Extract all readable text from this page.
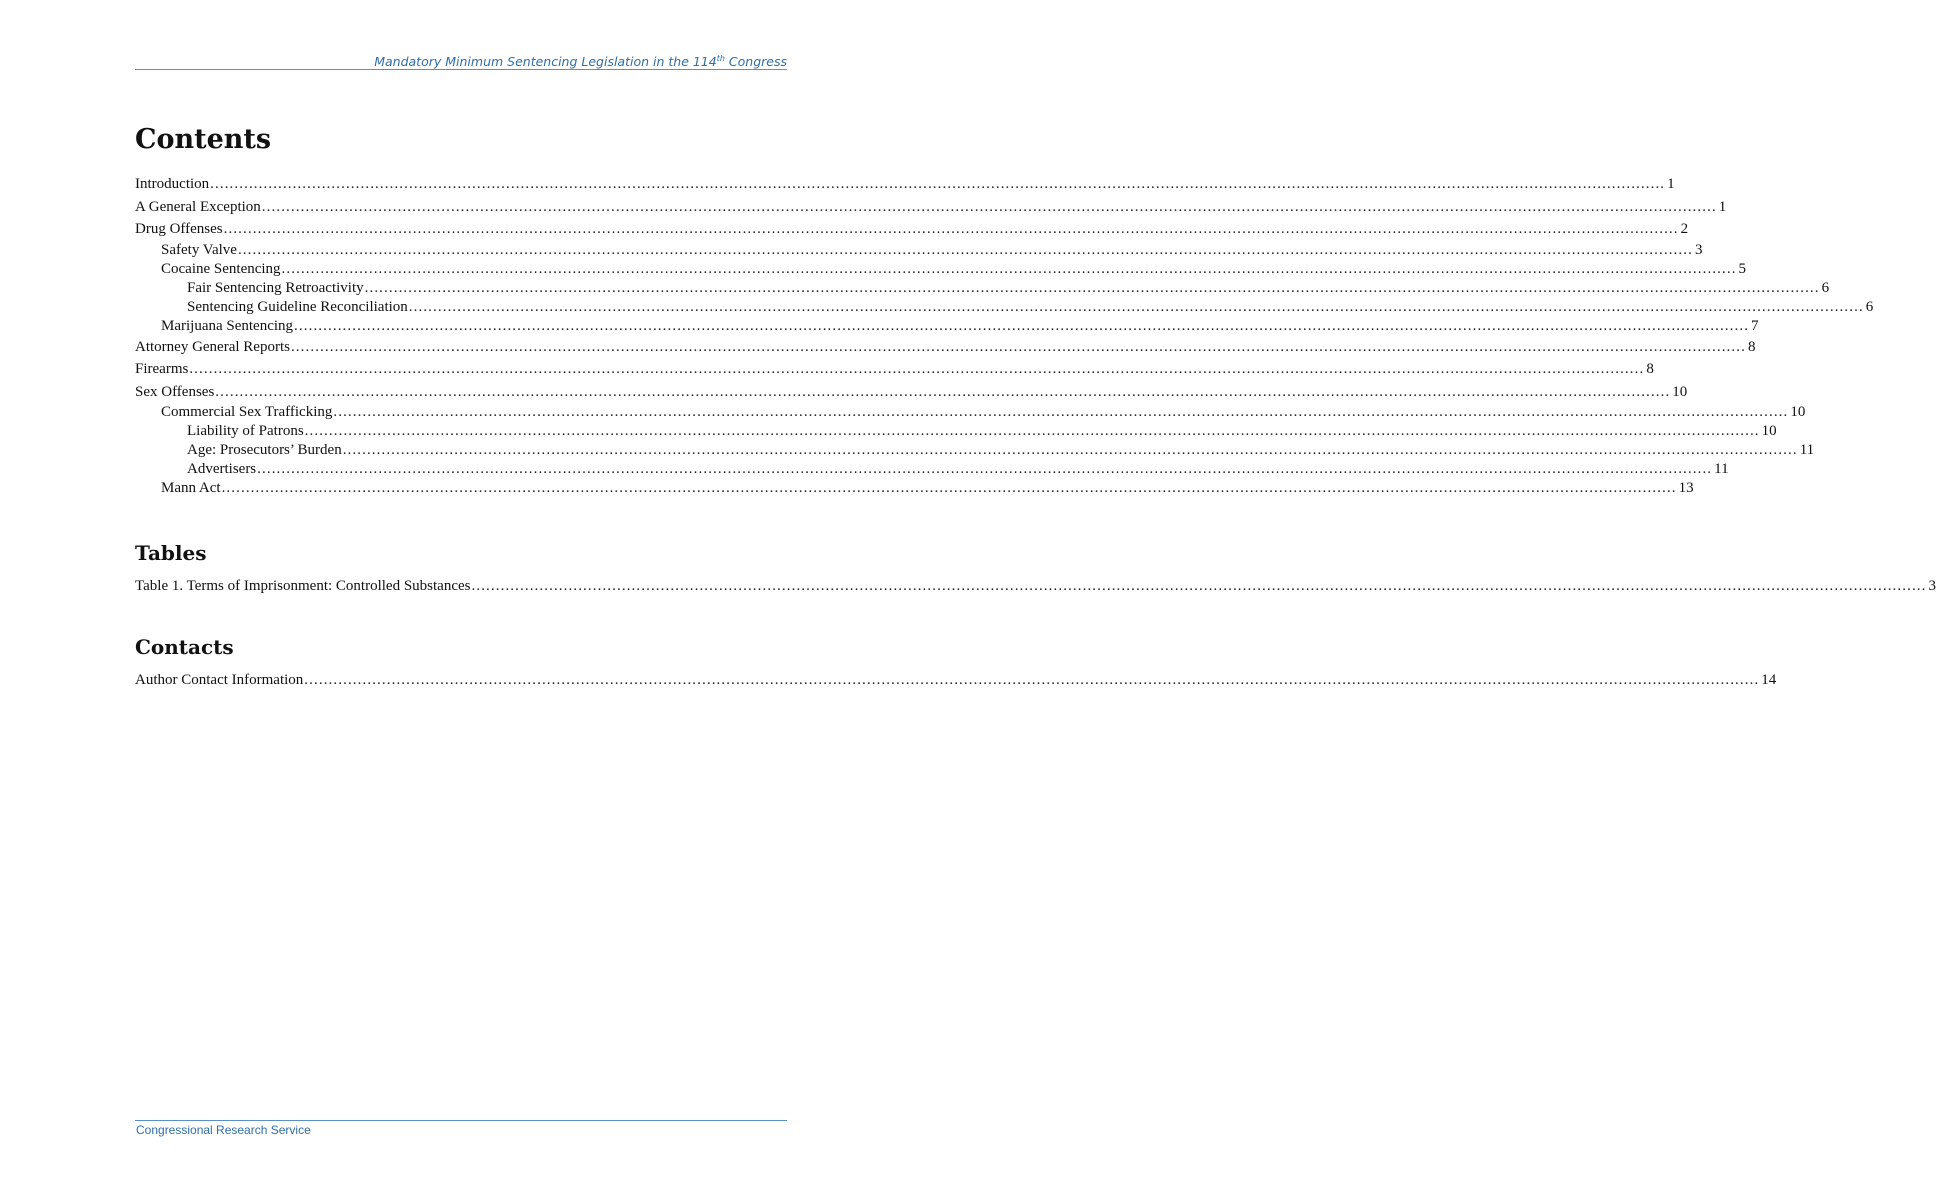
Mandatory Minimum Sentencing Legislation in the 114th Congress
Contents
Introduction ............................................................................................................................................................................................................................................................................................................ 1
A General Exception ............................................................................................................................................................................................................................................................................................................ 1
Drug Offenses ............................................................................................................................................................................................................................................................................................................ 2
Safety Valve ............................................................................................................................................................................................................................................................................................................ 3
Cocaine Sentencing ............................................................................................................................................................................................................................................................................................................ 5
Fair Sentencing Retroactivity ............................................................................................................................................................................................................................................................................................................ 6
Sentencing Guideline Reconciliation ............................................................................................................................................................................................................................................................................................................ 6
Marijuana Sentencing ............................................................................................................................................................................................................................................................................................................ 7
Attorney General Reports ............................................................................................................................................................................................................................................................................................................ 8
Firearms ............................................................................................................................................................................................................................................................................................................ 8
Sex Offenses ............................................................................................................................................................................................................................................................................................................ 10
Commercial Sex Trafficking ............................................................................................................................................................................................................................................................................................................ 10
Liability of Patrons ............................................................................................................................................................................................................................................................................................................ 10
Age: Prosecutors’ Burden ............................................................................................................................................................................................................................................................................................................ 11
Advertisers ............................................................................................................................................................................................................................................................................................................ 11
Mann Act ............................................................................................................................................................................................................................................................................................................ 13
Tables
Table 1. Terms of Imprisonment: Controlled Substances ............................................................................................................................................................................................................................................................................................................ 3
Contacts
Author Contact Information ............................................................................................................................................................................................................................................................................................................ 14
Congressional Research Service
